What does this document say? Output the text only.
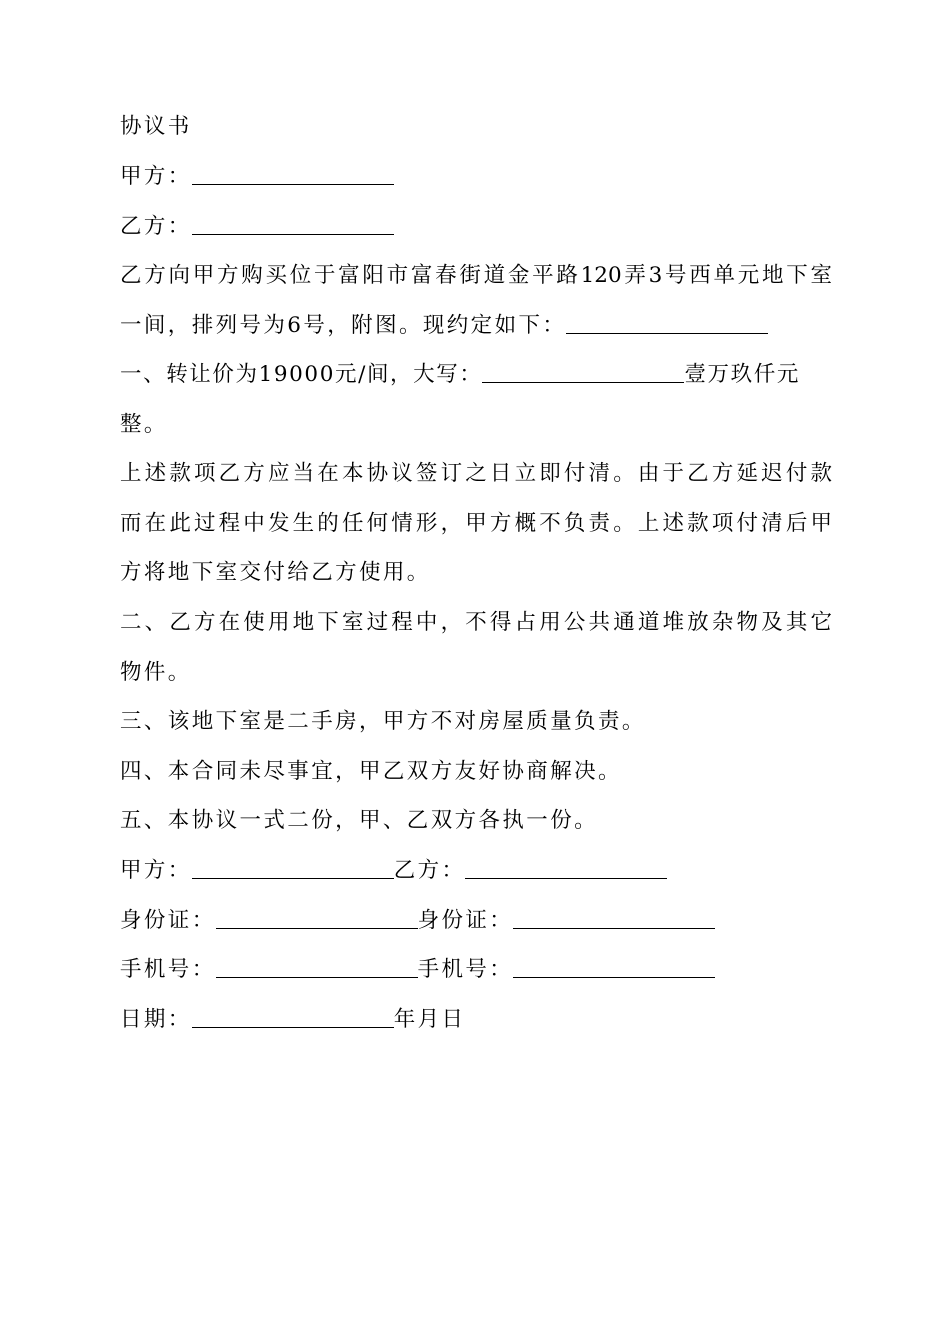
协议书
甲方：
乙方：
乙方向甲方购买位于富阳市富春街道金平路120弄3号西单元地下室
一间，排列号为6号，附图。现约定如下：
一、转让价为19000元/间，大写：	壹万玖仟元
整。
上述款项乙方应当在本协议签订之日立即付清。由于乙方延迟付款
而在此过程中发生的任何情形，甲方概不负责。上述款项付清后甲
方将地下室交付给乙方使用。
二、乙方在使用地下室过程中，不得占用公共通道堆放杂物及其它
物件。
三、该地下室是二手房，甲方不对房屋质量负责。
四、本合同未尽事宜，甲乙双方友好协商解决。
五、本协议一式二份，甲、乙双方各执一份。
甲方：	乙方：
身份证：	身份证：
手机号：	手机号：
日期：	年月日
